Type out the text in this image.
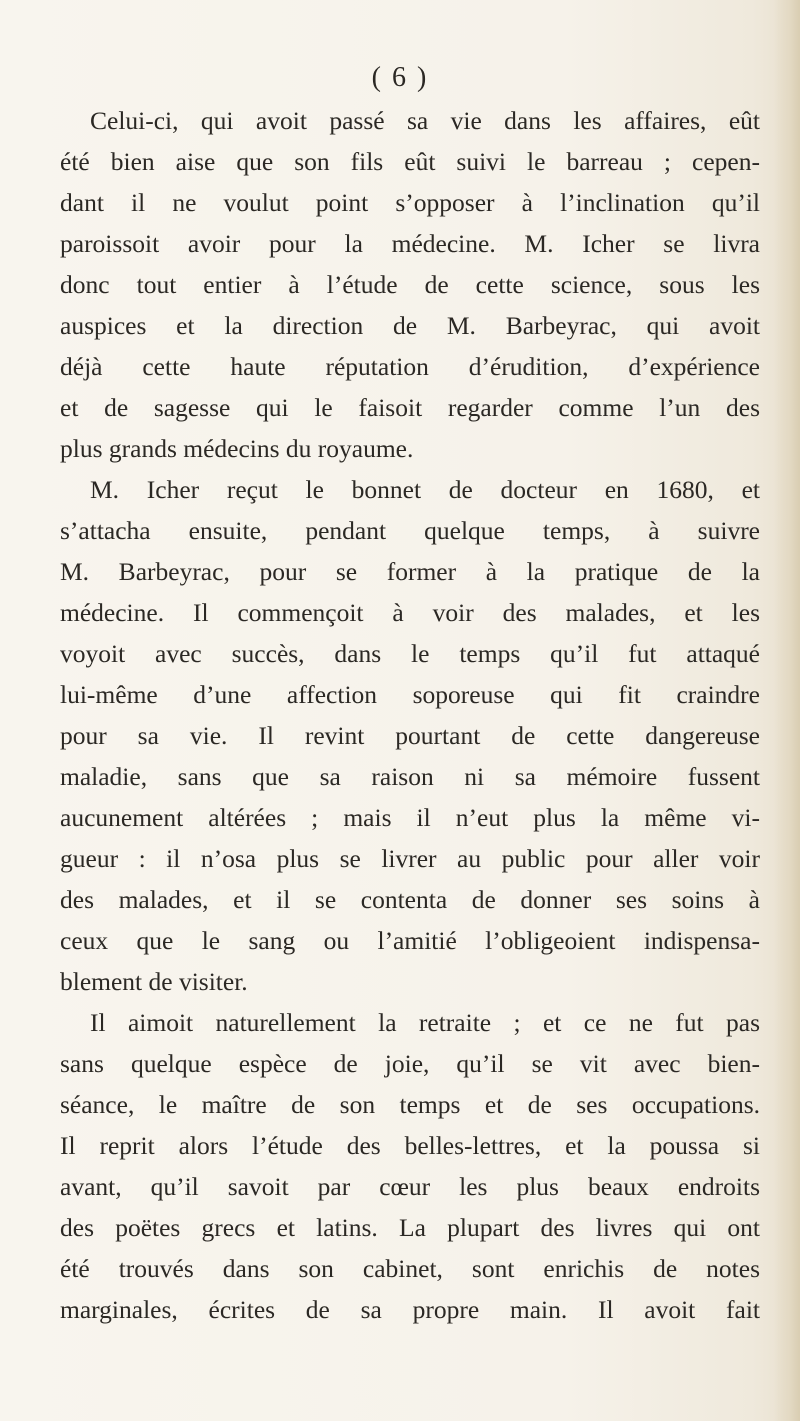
( 6 )
Celui-ci, qui avoit passé sa vie dans les affaires, eût
été bien aise que son fils eût suivi le barreau ; cepen-
dant il ne voulut point s’opposer à l’inclination qu’il
paroissoit avoir pour la médecine. M. Icher se livra
donc tout entier à l’étude de cette science, sous les
auspices et la direction de M. Barbeyrac, qui avoit
déjà cette haute réputation d’érudition, d’expérience
et de sagesse qui le faisoit regarder comme l’un des
plus grands médecins du royaume.
M. Icher reçut le bonnet de docteur en 1680, et
s’attacha ensuite, pendant quelque temps, à suivre
M. Barbeyrac, pour se former à la pratique de la
médecine. Il commençoit à voir des malades, et les
voyoit avec succès, dans le temps qu’il fut attaqué
lui-même d’une affection soporeuse qui fit craindre
pour sa vie. Il revint pourtant de cette dangereuse
maladie, sans que sa raison ni sa mémoire fussent
aucunement altérées ; mais il n’eut plus la même vi-
gueur : il n’osa plus se livrer au public pour aller voir
des malades, et il se contenta de donner ses soins à
ceux que le sang ou l’amitié l’obligeoient indispensa-
blement de visiter.
Il aimoit naturellement la retraite ; et ce ne fut pas
sans quelque espèce de joie, qu’il se vit avec bien-
séance, le maître de son temps et de ses occupations.
Il reprit alors l’étude des belles-lettres, et la poussa si
avant, qu’il savoit par cœur les plus beaux endroits
des poëtes grecs et latins. La plupart des livres qui ont
été trouvés dans son cabinet, sont enrichis de notes
marginales, écrites de sa propre main. Il avoit fait
